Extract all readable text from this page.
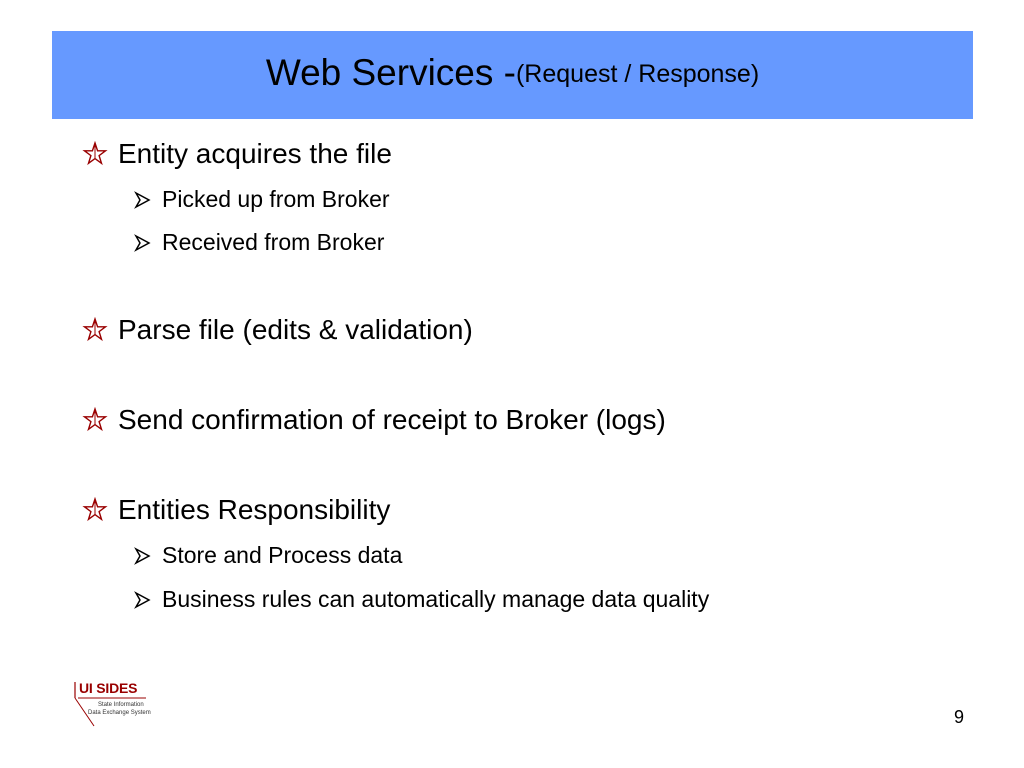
Web Services - (Request / Response)
Entity acquires the file
Picked up from Broker
Received from Broker
Parse file (edits & validation)
Send confirmation of receipt to Broker (logs)
Entities Responsibility
Store and Process data
Business rules can automatically manage data quality
UI SIDES
State Information
Data Exchange System	9
